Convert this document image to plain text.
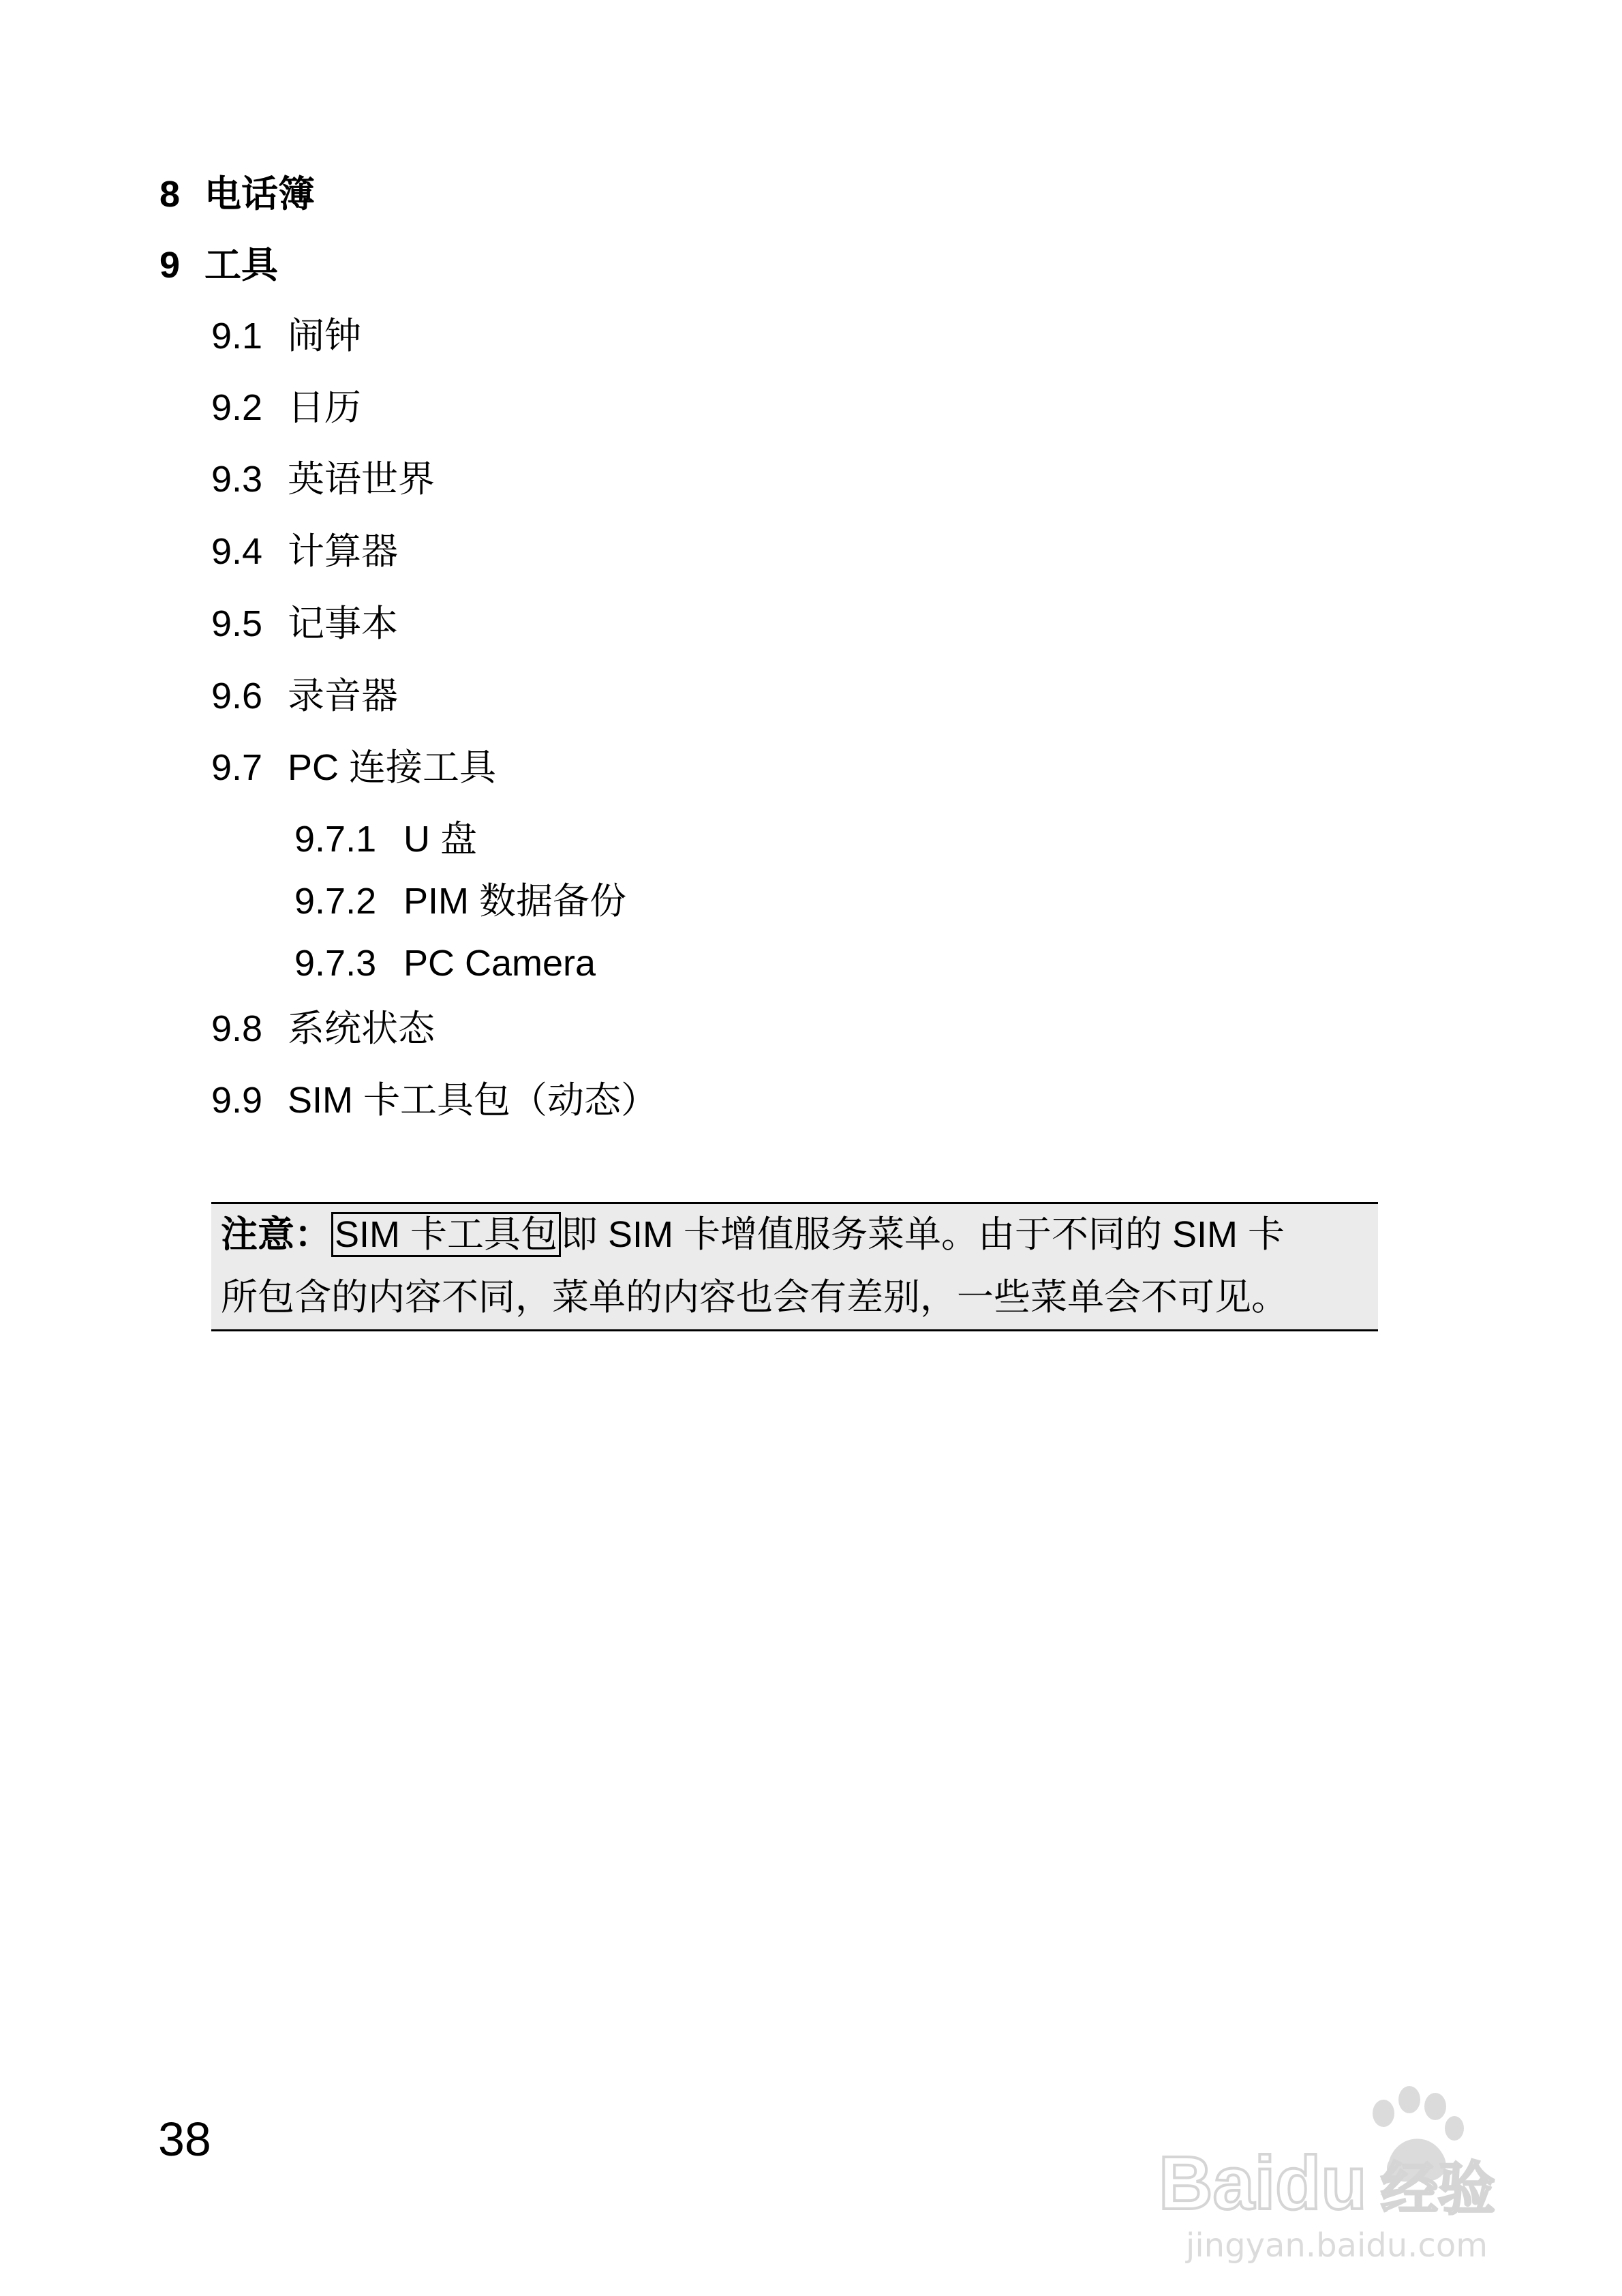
8 电话簿
9 工具
9.1 闹钟
9.2 日历
9.3 英语世界
9.4 计算器
9.5 记事本
9.6 录音器
9.7 PC 连接工具
9.7.1 U 盘
9.7.2 PIM 数据备份
9.7.3 PC Camera
9.8 系统状态
9.9 SIM 卡工具包（动态）
注意：SIM 卡工具包即 SIM 卡增值服务菜单。由于不同的 SIM 卡
所包含的内容不同，菜单的内容也会有差别，一些菜单会不可见。
38
Baidu 经验
jingyan.baidu.com
